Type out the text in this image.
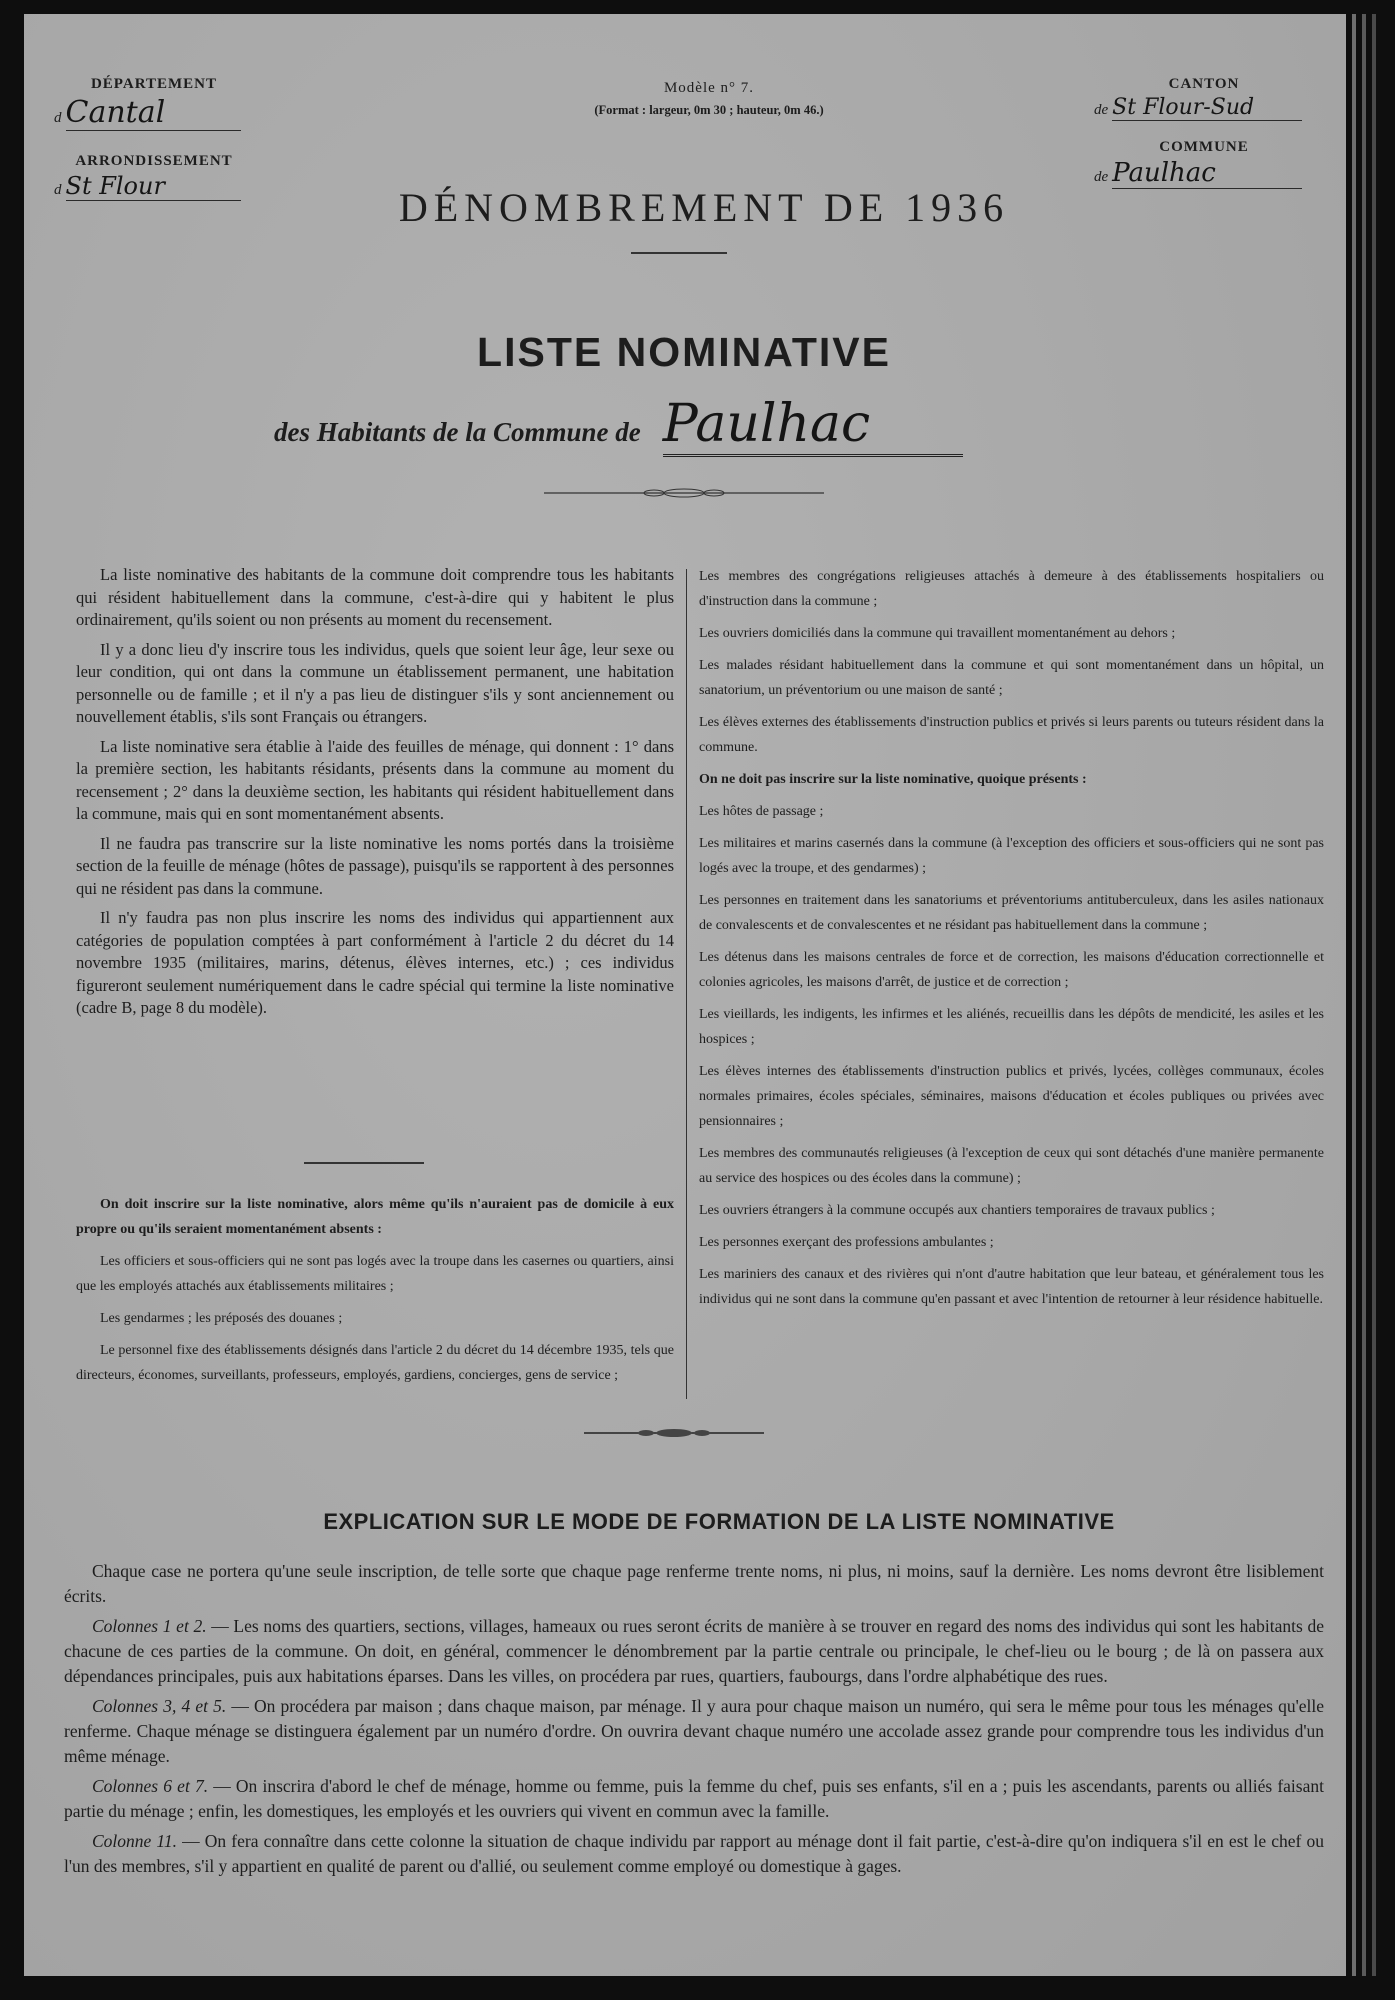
DÉPARTEMENT
d Cantal
ARRONDISSEMENT
d St Flour
Modèle n° 7.
(Format : largeur, 0m 30 ; hauteur, 0m 46.)
DÉNOMBREMENT DE 1936
CANTON
de St Flour-Sud
COMMUNE
de Paulhac
LISTE NOMINATIVE
des Habitants de la Commune de Paulhac

La liste nominative des habitants de la commune doit comprendre tous les habitants qui résident habituellement dans la commune, c'est-à-dire qui y habitent le plus ordinairement, qu'ils soient ou non présents au moment du recensement.

Il y a donc lieu d'y inscrire tous les individus, quels que soient leur âge, leur sexe ou leur condition, qui ont dans la commune un établissement permanent, une habitation personnelle ou de famille ; et il n'y a pas lieu de distinguer s'ils y sont anciennement ou nouvellement établis, s'ils sont Français ou étrangers.

La liste nominative sera établie à l'aide des feuilles de ménage, qui donnent : 1° dans la première section, les habitants résidants, présents dans la commune au moment du recensement ; 2° dans la deuxième section, les habitants qui résident habituellement dans la commune, mais qui en sont momentanément absents.

Il ne faudra pas transcrire sur la liste nominative les noms portés dans la troisième section de la feuille de ménage (hôtes de passage), puisqu'ils se rapportent à des personnes qui ne résident pas dans la commune.

Il n'y faudra pas non plus inscrire les noms des individus qui appartiennent aux catégories de population comptées à part conformément à l'article 2 du décret du 14 novembre 1935 (militaires, marins, détenus, élèves internes, etc.) ; ces individus figureront seulement numériquement dans le cadre spécial qui termine la liste nominative (cadre B, page 8 du modèle).

On doit inscrire sur la liste nominative, alors même qu'ils n'auraient pas de domicile à eux propre ou qu'ils seraient momentanément absents :

Les officiers et sous-officiers qui ne sont pas logés avec la troupe dans les casernes ou quartiers, ainsi que les employés attachés aux établissements militaires ;

Les gendarmes ; les préposés des douanes ;

Le personnel fixe des établissements désignés dans l'article 2 du décret du 14 décembre 1935, tels que directeurs, économes, surveillants, professeurs, employés, gardiens, concierges, gens de service ;

Les membres des congrégations religieuses attachés à demeure à des établissements hospitaliers ou d'instruction dans la commune ;

Les ouvriers domiciliés dans la commune qui travaillent momentanément au dehors ;

Les malades résidant habituellement dans la commune et qui sont momentanément dans un hôpital, un sanatorium, un préventorium ou une maison de santé ;

Les élèves externes des établissements d'instruction publics et privés si leurs parents ou tuteurs résident dans la commune.

On ne doit pas inscrire sur la liste nominative, quoique présents :

Les hôtes de passage ;

Les militaires et marins casernés dans la commune (à l'exception des officiers et sous-officiers qui ne sont pas logés avec la troupe, et des gendarmes) ;

Les personnes en traitement dans les sanatoriums et préventoriums antituberculeux, dans les asiles nationaux de convalescents et de convalescentes et ne résidant pas habituellement dans la commune ;

Les détenus dans les maisons centrales de force et de correction, les maisons d'éducation correctionnelle et colonies agricoles, les maisons d'arrêt, de justice et de correction ;

Les vieillards, les indigents, les infirmes et les aliénés, recueillis dans les dépôts de mendicité, les asiles et les hospices ;

Les élèves internes des établissements d'instruction publics et privés, lycées, collèges communaux, écoles normales primaires, écoles spéciales, séminaires, maisons d'éducation et écoles publiques ou privées avec pensionnaires ;

Les membres des communautés religieuses (à l'exception de ceux qui sont détachés d'une manière permanente au service des hospices ou des écoles dans la commune) ;

Les ouvriers étrangers à la commune occupés aux chantiers temporaires de travaux publics ;

Les personnes exerçant des professions ambulantes ;

Les mariniers des canaux et des rivières qui n'ont d'autre habitation que leur bateau, et généralement tous les individus qui ne sont dans la commune qu'en passant et avec l'intention de retourner à leur résidence habituelle.

EXPLICATION SUR LE MODE DE FORMATION DE LA LISTE NOMINATIVE

Chaque case ne portera qu'une seule inscription, de telle sorte que chaque page renferme trente noms, ni plus, ni moins, sauf la dernière. Les noms devront être lisiblement écrits.

Colonnes 1 et 2. — Les noms des quartiers, sections, villages, hameaux ou rues seront écrits de manière à se trouver en regard des noms des individus qui sont les habitants de chacune de ces parties de la commune. On doit, en général, commencer le dénombrement par la partie centrale ou principale, le chef-lieu ou le bourg ; de là on passera aux dépendances principales, puis aux habitations éparses. Dans les villes, on procédera par rues, quartiers, faubourgs, dans l'ordre alphabétique des rues.

Colonnes 3, 4 et 5. — On procédera par maison ; dans chaque maison, par ménage. Il y aura pour chaque maison un numéro, qui sera le même pour tous les ménages qu'elle renferme. Chaque ménage se distinguera également par un numéro d'ordre. On ouvrira devant chaque numéro une accolade assez grande pour comprendre tous les individus d'un même ménage.

Colonnes 6 et 7. — On inscrira d'abord le chef de ménage, homme ou femme, puis la femme du chef, puis ses enfants, s'il en a ; puis les ascendants, parents ou alliés faisant partie du ménage ; enfin, les domestiques, les employés et les ouvriers qui vivent en commun avec la famille.

Colonne 11. — On fera connaître dans cette colonne la situation de chaque individu par rapport au ménage dont il fait partie, c'est-à-dire qu'on indiquera s'il en est le chef ou l'un des membres, s'il y appartient en qualité de parent ou d'allié, ou seulement comme employé ou domestique à gages.
